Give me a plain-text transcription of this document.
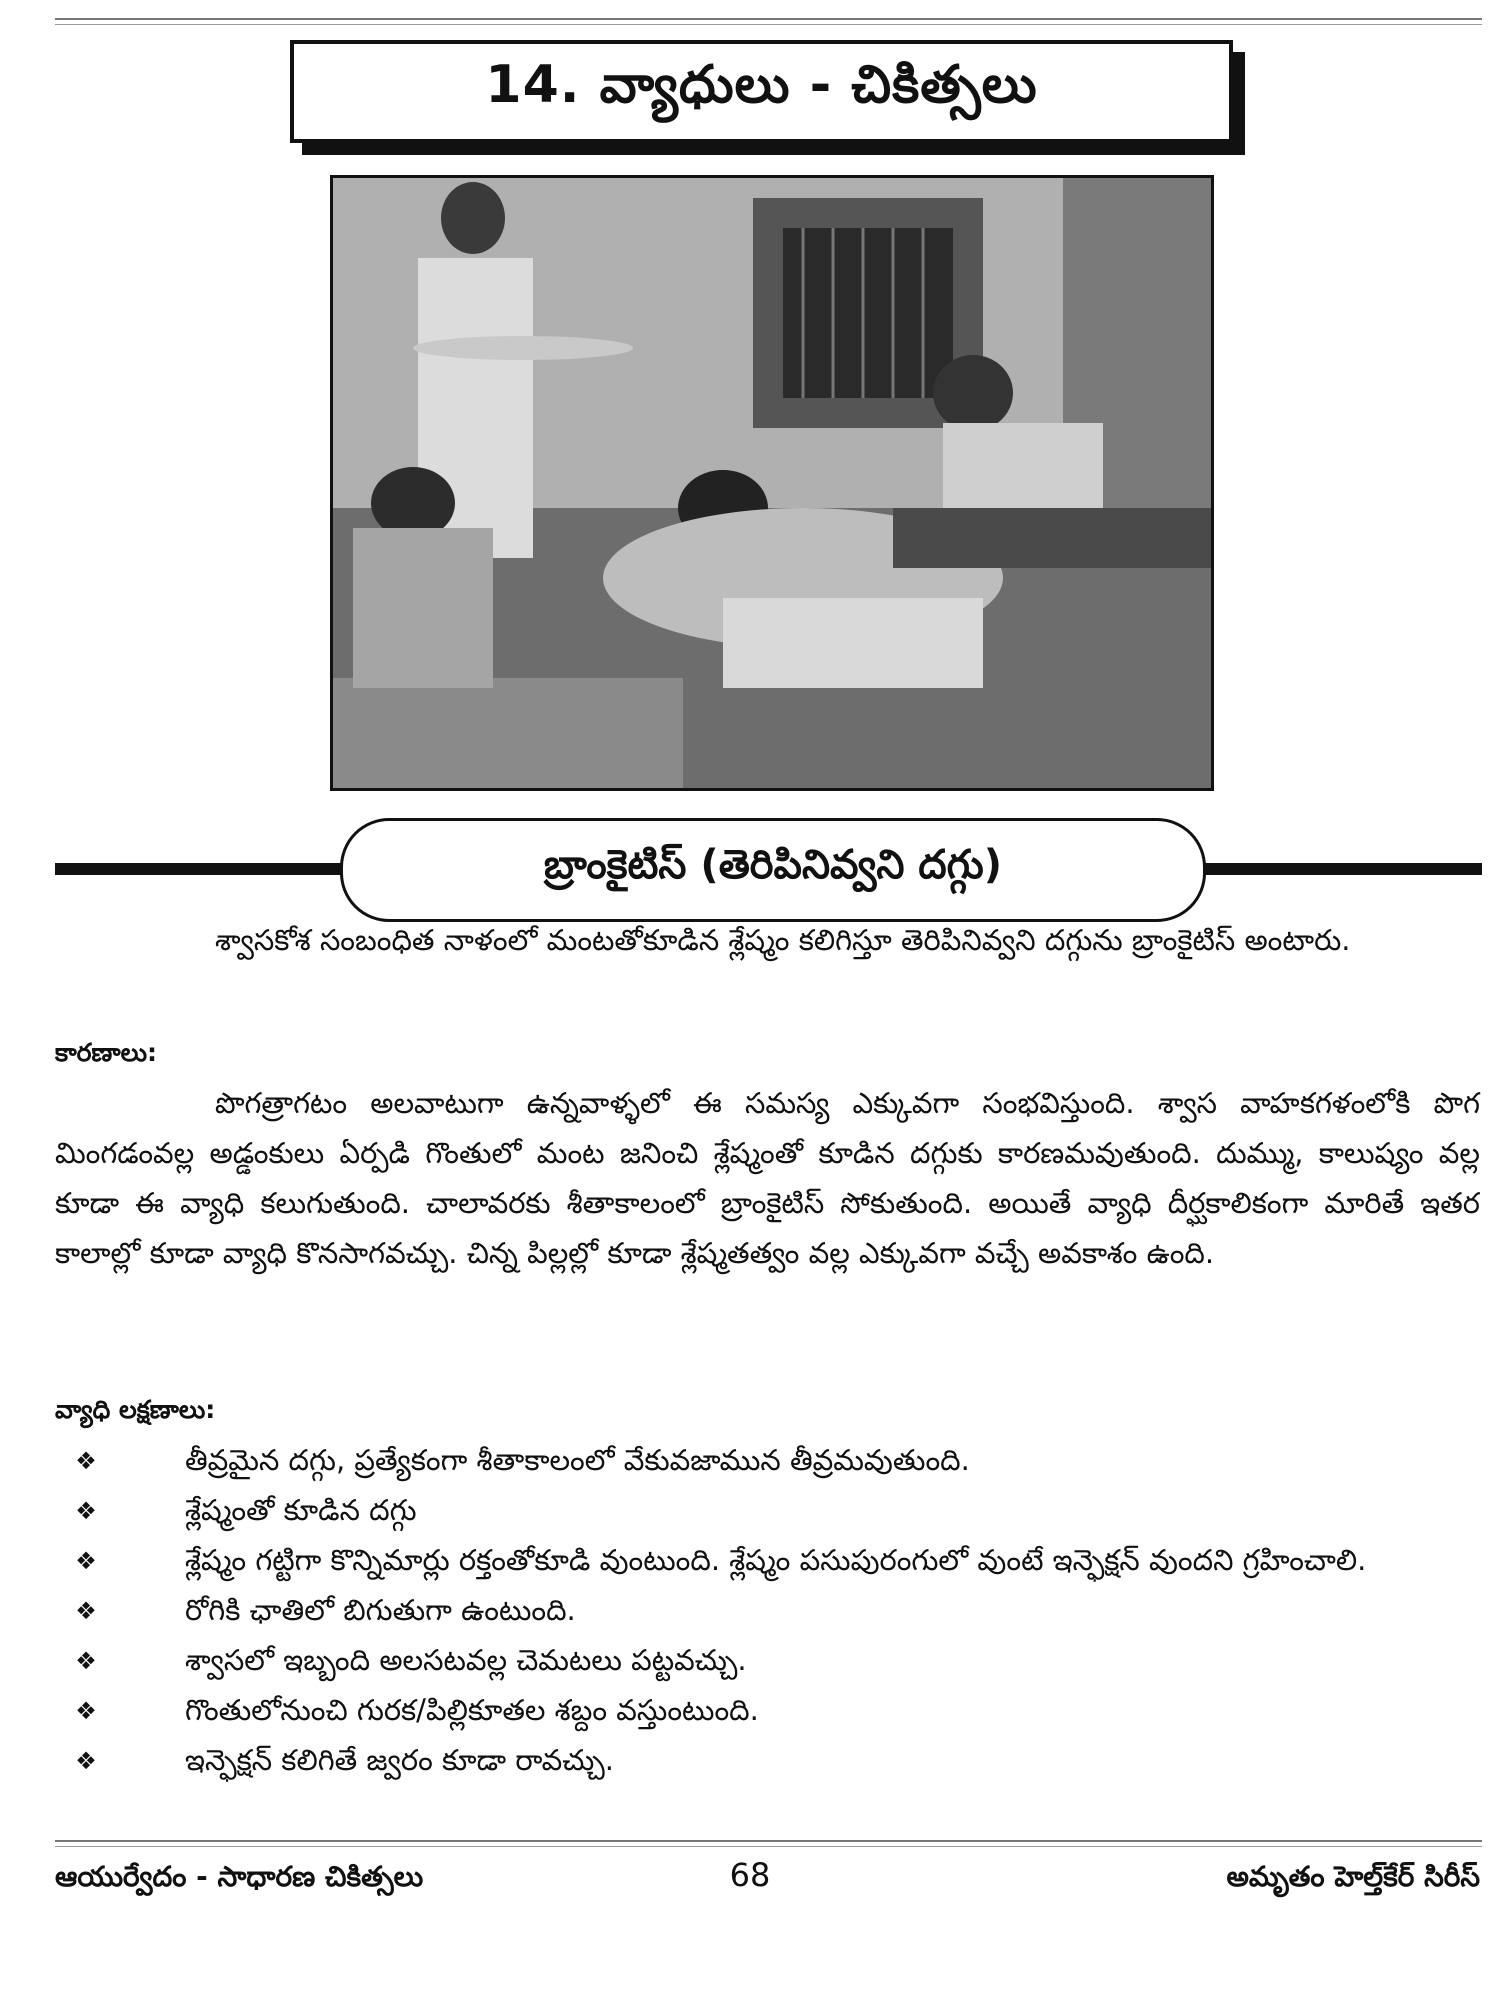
14. వ్యాధులు - చికిత్సలు
బ్రాంకైటిస్ (తెరిపినివ్వని దగ్గు)
శ్వాసకోశ సంబంధిత నాళంలో మంటతోకూడిన శ్లేష్మం కలిగిస్తూ తెరిపినివ్వని దగ్గును బ్రాంకైటిస్ అంటారు.
కారణాలు:
పొగత్రాగటం అలవాటుగా ఉన్నవాళ్ళలో ఈ సమస్య ఎక్కువగా సంభవిస్తుంది. శ్వాస వాహకగళంలోకి పొగ మింగడంవల్ల అడ్డంకులు ఏర్పడి గొంతులో మంట జనించి శ్లేష్మంతో కూడిన దగ్గుకు కారణమవుతుంది. దుమ్ము, కాలుష్యం వల్ల కూడా ఈ వ్యాధి కలుగుతుంది. చాలావరకు శీతాకాలంలో బ్రాంకైటిస్ సోకుతుంది. అయితే వ్యాధి దీర్ఘకాలికంగా మారితే ఇతర కాలాల్లో కూడా వ్యాధి కొనసాగవచ్చు. చిన్న పిల్లల్లో కూడా శ్లేష్మతత్వం వల్ల ఎక్కువగా వచ్చే అవకాశం ఉంది.
వ్యాధి లక్షణాలు:
❖	తీవ్రమైన దగ్గు, ప్రత్యేకంగా శీతాకాలంలో వేకువజామున తీవ్రమవుతుంది.
❖	శ్లేష్మంతో కూడిన దగ్గు
❖	శ్లేష్మం గట్టిగా కొన్నిమార్లు రక్తంతోకూడి వుంటుంది. శ్లేష్మం పసుపురంగులో వుంటే ఇన్ఫెక్షన్ వుందని గ్రహించాలి.
❖	రోగికి ఛాతిలో బిగుతుగా ఉంటుంది.
❖	శ్వాసలో ఇబ్బంది అలసటవల్ల చెమటలు పట్టవచ్చు.
❖	గొంతులోనుంచి గురక/పిల్లికూతల శబ్దం వస్తుంటుంది.
❖	ఇన్ఫెక్షన్ కలిగితే జ్వరం కూడా రావచ్చు.
ఆయుర్వేదం - సాధారణ చికిత్సలు	68	అమృతం హెల్త్‌కేర్ సిరీస్
